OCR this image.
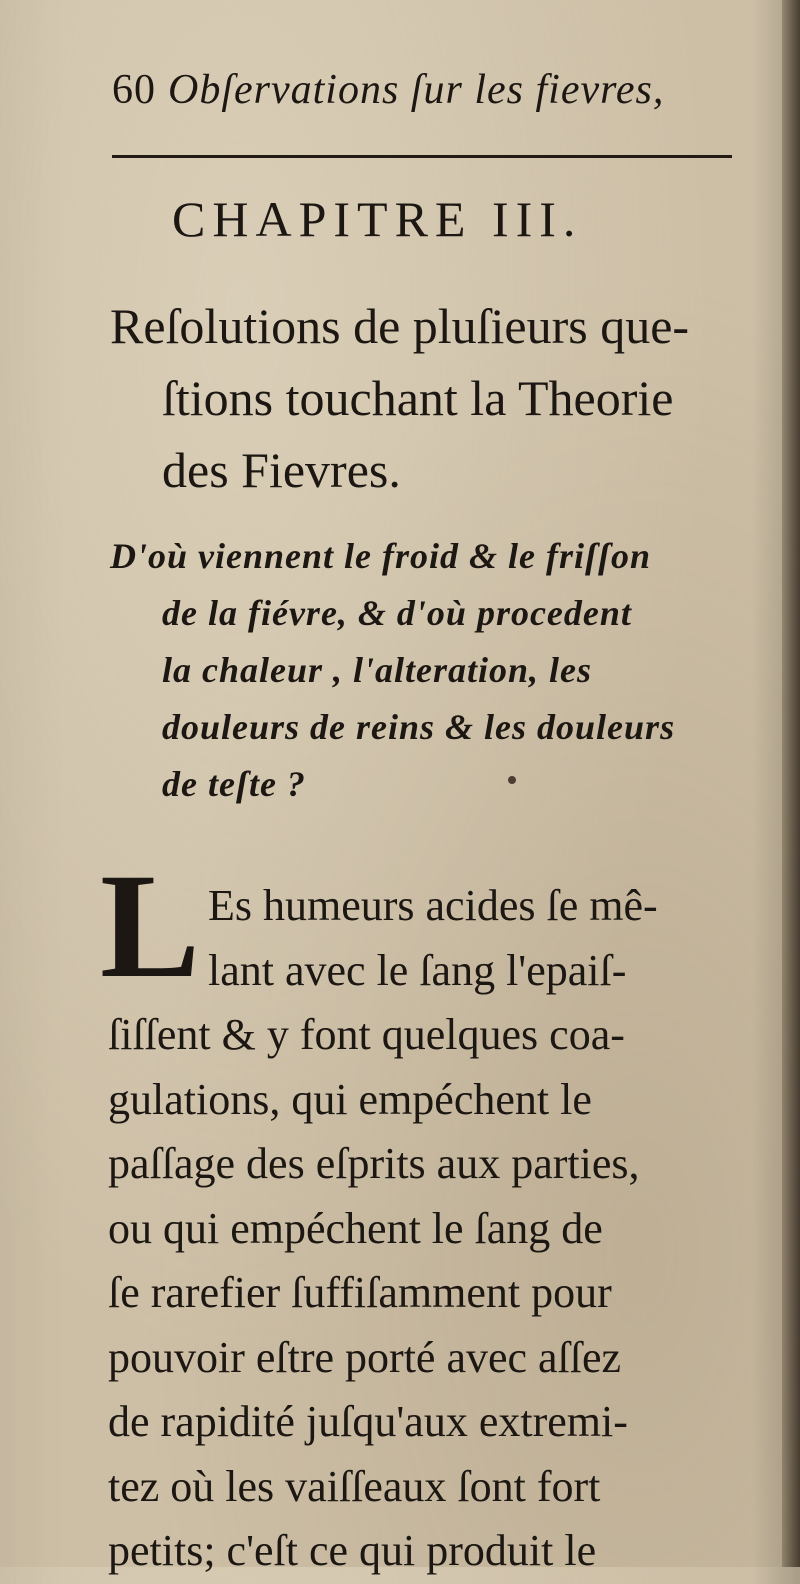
60 Obſervations ſur les fievres,
CHAPITRE III.
Reſolutions de pluſieurs que-
ſtions touchant la Theorie
des Fievres.
D'où viennent le froid & le friſſon
de la fiévre, & d'où procedent
la chaleur , l'alteration, les
douleurs de reins & les douleurs
de teſte ?
L Es humeurs acides ſe mê-
lant avec le ſang l'epaiſ-
ſiſſent & y font quelques coa-
gulations, qui empéchent le
paſſage des eſprits aux parties,
ou qui empéchent le ſang de
ſe rarefier ſuffiſamment pour
pouvoir eſtre porté avec aſſez
de rapidité juſqu'aux extremi-
tez où les vaiſſeaux ſont fort
petits; c'eſt ce qui produit le
